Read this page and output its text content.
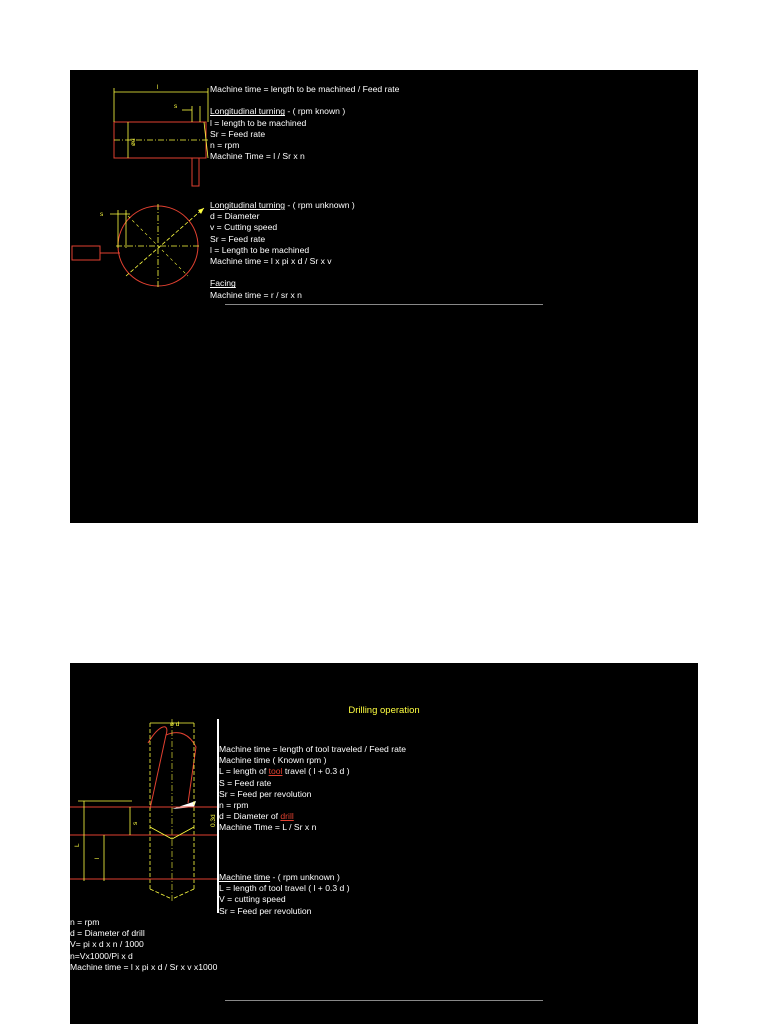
l
s
ød
s
Machine time = length to be machined / Feed rate
Longitudinal turning - ( rpm known )
l = length to be machined
Sr = Feed rate
n = rpm
Machine Time = l / Sr x n
Longitudinal turning - ( rpm unknown )
d = Diameter
v = Cutting speed
Sr = Feed rate
l = Length to be machined
Machine time = l x pi x d / Sr x v
Facing
Machine time = r / sr x n
Drilling operation
ø d
L
l
s	0.3d
Machine time = length of tool traveled / Feed rate
Machine time ( Known rpm )
L = length of tool travel ( l + 0.3 d )
S = Feed rate
Sr = Feed per revolution
n = rpm
d = Diameter of drill
Machine Time = L / Sr x n
Machine time - ( rpm unknown )
L = length of tool travel ( l + 0.3 d )
V = cutting speed
Sr = Feed per revolution
n = rpm
d = Diameter of drill
V= pi x d x n / 1000
n=Vx1000/Pi x d
Machine time = l x pi x d / Sr x v x1000
